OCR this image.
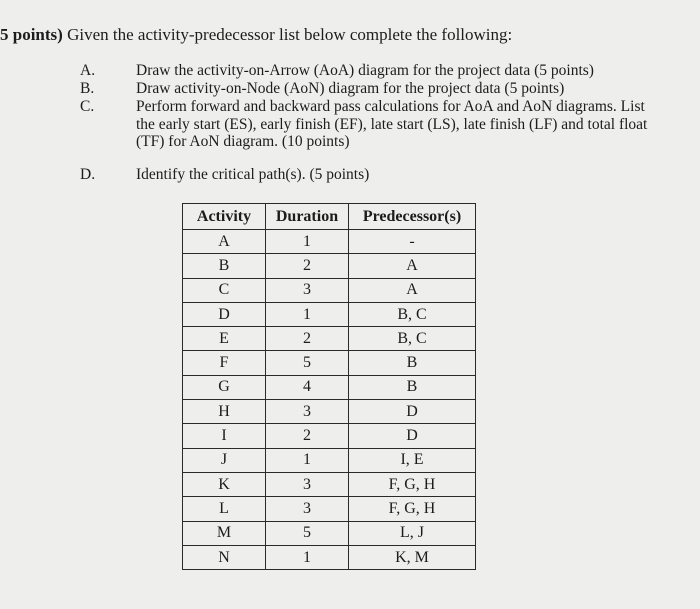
5 points) Given the activity-predecessor list below complete the following:
A.	Draw the activity-on-Arrow (AoA) diagram for the project data (5 points)
B.	Draw activity-on-Node (AoN) diagram for the project data (5 points)
C.	Perform forward and backward pass calculations for AoA and AoN diagrams. List the early start (ES), early finish (EF), late start (LS), late finish (LF) and total float (TF) for AoN diagram. (10 points)
D.	Identify the critical path(s). (5 points)
Activity	Duration	Predecessor(s)
A	1	-
B	2	A
C	3	A
D	1	B, C
E	2	B, C
F	5	B
G	4	B
H	3	D
I	2	D
J	1	I, E
K	3	F, G, H
L	3	F, G, H
M	5	L, J
N	1	K, M
